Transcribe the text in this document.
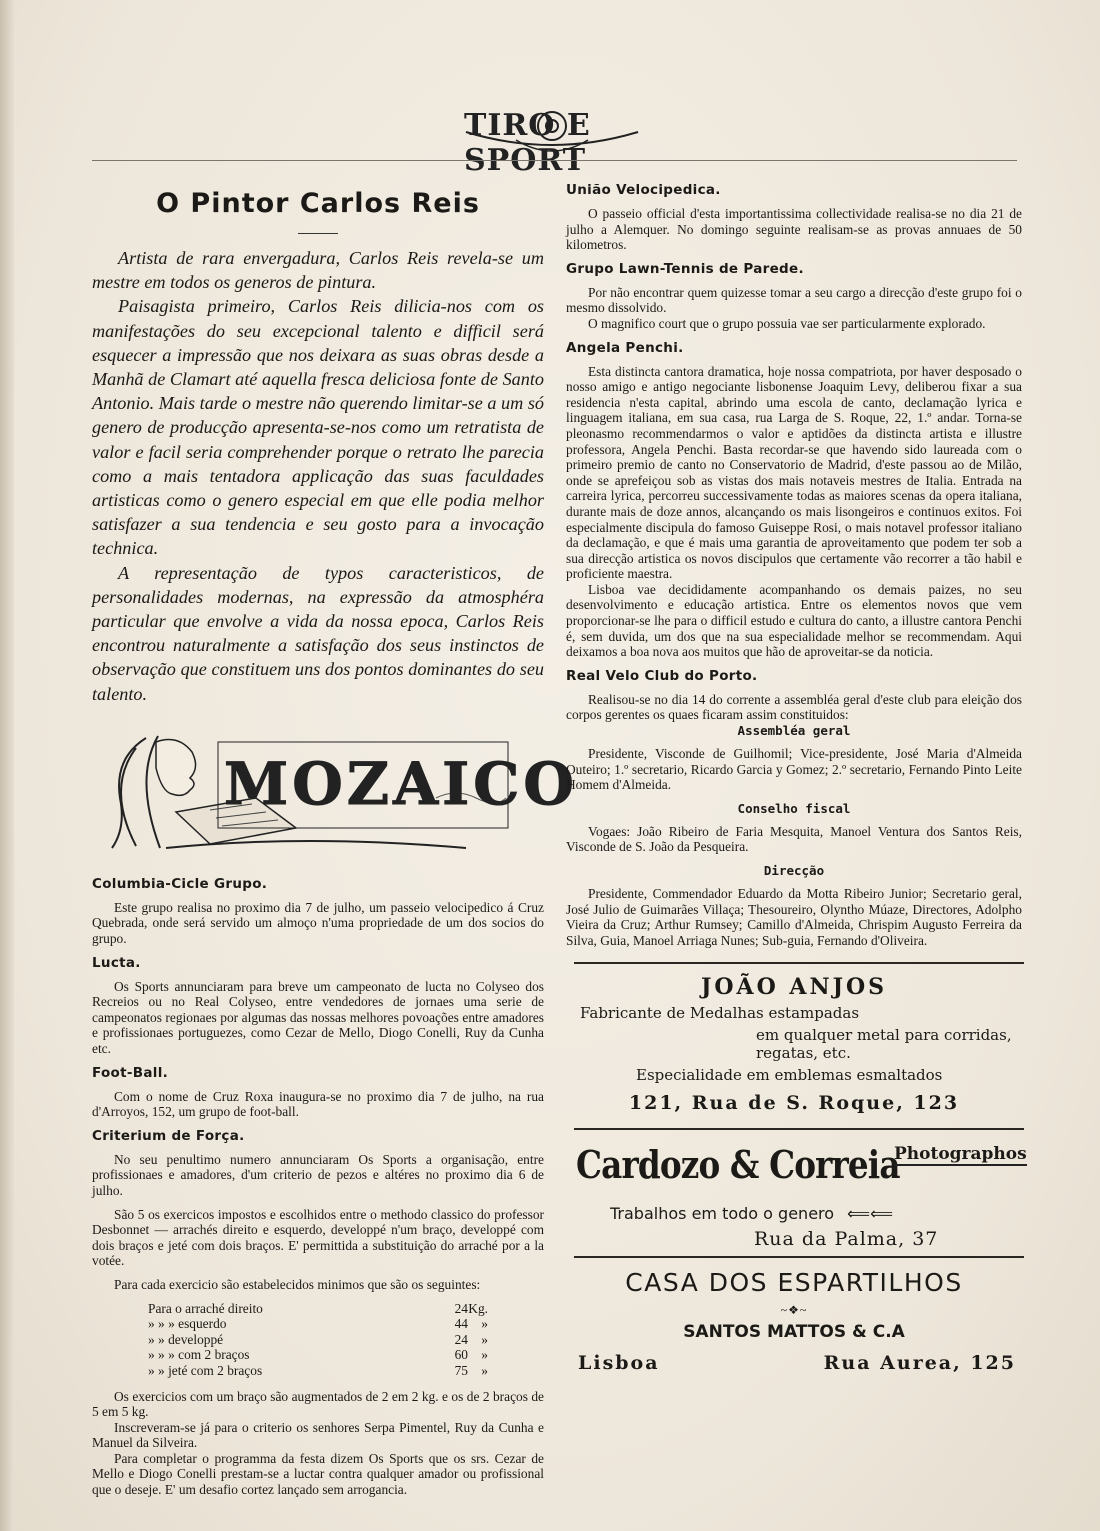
TIRO E SPORT
O Pintor Carlos Reis

Artista de rara envergadura, Carlos Reis revela-se um mestre em todos os generos de pintura.

Paisagista primeiro, Carlos Reis dilicia-nos com os manifestações do seu excepcional talento e difficil será esquecer a impressão que nos deixara as suas obras desde a Manhã de Clamart até aquella fresca deliciosa fonte de Santo Antonio. Mais tarde o mestre não querendo limitar-se a um só genero de producção apresenta-se-nos como um retratista de valor e facil seria comprehender porque o retrato lhe parecia como a mais tentadora applicação das suas faculdades artisticas como o genero especial em que elle podia melhor satisfazer a sua tendencia e seu gosto para a invocação technica.

A representação de typos caracteristicos, de personalidades modernas, na expressão da atmosphéra particular que envolve a vida da nossa epoca, Carlos Reis encontrou naturalmente a satisfação dos seus instinctos de observação que constituem uns dos pontos dominantes do seu talento.

MOZAICO
Columbia-Cicle Grupo.

Este grupo realisa no proximo dia 7 de julho, um passeio velocipedico á Cruz Quebrada, onde será servido um almoço n'uma propriedade de um dos socios do grupo.

Lucta.

Os Sports annunciaram para breve um campeonato de lucta no Colyseo dos Recreios ou no Real Colyseo, entre vendedores de jornaes uma serie de campeonatos regionaes por algumas das nossas melhores povoações entre amadores e profissionaes portuguezes, como Cezar de Mello, Diogo Conelli, Ruy da Cunha etc.

Foot-Ball.

Com o nome de Cruz Roxa inaugura-se no proximo dia 7 de julho, na rua d'Arroyos, 152, um grupo de foot-ball.

Criterium de Força.

No seu penultimo numero annunciaram Os Sports a organisação, entre profissionaes e amadores, d'um criterio de pezos e altéres no proximo dia 6 de julho.

São 5 os exercicos impostos e escolhidos entre o methodo classico do professor Desbonnet — arrachés direito e esquerdo, developpé n'um braço, developpé com dois braços e jeté com dois braços. E' permittida a substituição do arraché por a la votée.

Para cada exercicio são estabelecidos minimos que são os seguintes:

Para o arraché direito	24 Kg.
» » » esquerdo	44 »
» » developpé	24 »
» » » com 2 braços	60 »
» » jeté com 2 braços	75 »

Os exercicios com um braço são augmentados de 2 em 2 kg. e os de 2 braços de 5 em 5 kg.

Inscreveram-se já para o criterio os senhores Serpa Pimentel, Ruy da Cunha e Manuel da Silveira.

Para completar o programma da festa dizem Os Sports que os srs. Cezar de Mello e Diogo Conelli prestam-se a luctar contra qualquer amador ou profissional que o deseje. E' um desafio cortez lançado sem arrogancia.

União Velocipedica.

O passeio official d'esta importantissima collectividade realisa-se no dia 21 de julho a Alemquer. No domingo seguinte realisam-se as provas annuaes de 50 kilometros.

Grupo Lawn-Tennis de Parede.

Por não encontrar quem quizesse tomar a seu cargo a direcção d'este grupo foi o mesmo dissolvido.

O magnifico court que o grupo possuia vae ser particularmente explorado.

Angela Penchi.

Esta distincta cantora dramatica, hoje nossa compatriota, por haver desposado o nosso amigo e antigo negociante lisbonense Joaquim Levy, deliberou fixar a sua residencia n'esta capital, abrindo uma escola de canto, declamação lyrica e linguagem italiana, em sua casa, rua Larga de S. Roque, 22, 1.º andar. Torna-se pleonasmo recommendarmos o valor e aptidões da distincta artista e illustre professora, Angela Penchi. Basta recordar-se que havendo sido laureada com o primeiro premio de canto no Conservatorio de Madrid, d'este passou ao de Milão, onde se aprefeiçou sob as vistas dos mais notaveis mestres de Italia. Entrada na carreira lyrica, percorreu successivamente todas as maiores scenas da opera italiana, durante mais de doze annos, alcançando os mais lisongeiros e continuos exitos. Foi especialmente discipula do famoso Guiseppe Rosi, o mais notavel professor italiano da declamação, e que é mais uma garantia de aproveitamento que podem ter sob a sua direcção artistica os novos discipulos que certamente vão recorrer a tão habil e proficiente maestra.

Lisboa vae decididamente acompanhando os demais paizes, no seu desenvolvimento e educação artistica. Entre os elementos novos que vem proporcionar-se lhe para o difficil estudo e cultura do canto, a illustre cantora Penchi é, sem duvida, um dos que na sua especialidade melhor se recommendam. Aqui deixamos a boa nova aos muitos que hão de aproveitar-se da noticia.

Real Velo Club do Porto.

Realisou-se no dia 14 do corrente a assembléa geral d'este club para eleição dos corpos gerentes os quaes ficaram assim constituidos:

Assembléa geral

Presidente, Visconde de Guilhomil; Vice-presidente, José Maria d'Almeida Outeiro; 1.º secretario, Ricardo Garcia y Gomez; 2.º secretario, Fernando Pinto Leite Homem d'Almeida.

Conselho fiscal

Vogaes: João Ribeiro de Faria Mesquita, Manoel Ventura dos Santos Reis, Visconde de S. João da Pesqueira.

Direcção

Presidente, Commendador Eduardo da Motta Ribeiro Junior; Secretario geral, José Julio de Guimarães Villaça; Thesoureiro, Olyntho Múaze, Directores, Adolpho Vieira da Cruz; Arthur Rumsey; Camillo d'Almeida, Chrispim Augusto Ferreira da Silva, Guia, Manoel Arriaga Nunes; Sub-guia, Fernando d'Oliveira.

JOÃO ANJOS
Fabricante de Medalhas estampadas
em qualquer metal para corridas, regatas, etc.
Especialidade em emblemas esmaltados
121, Rua de S. Roque, 123
Cardozo & Correia
Photographos
Trabalhos em todo o genero ⟸⟸
Rua da Palma, 37
CASA DOS ESPARTILHOS
~❖~
SANTOS MATTOS & C.A
Lisboa	Rua Aurea, 125
